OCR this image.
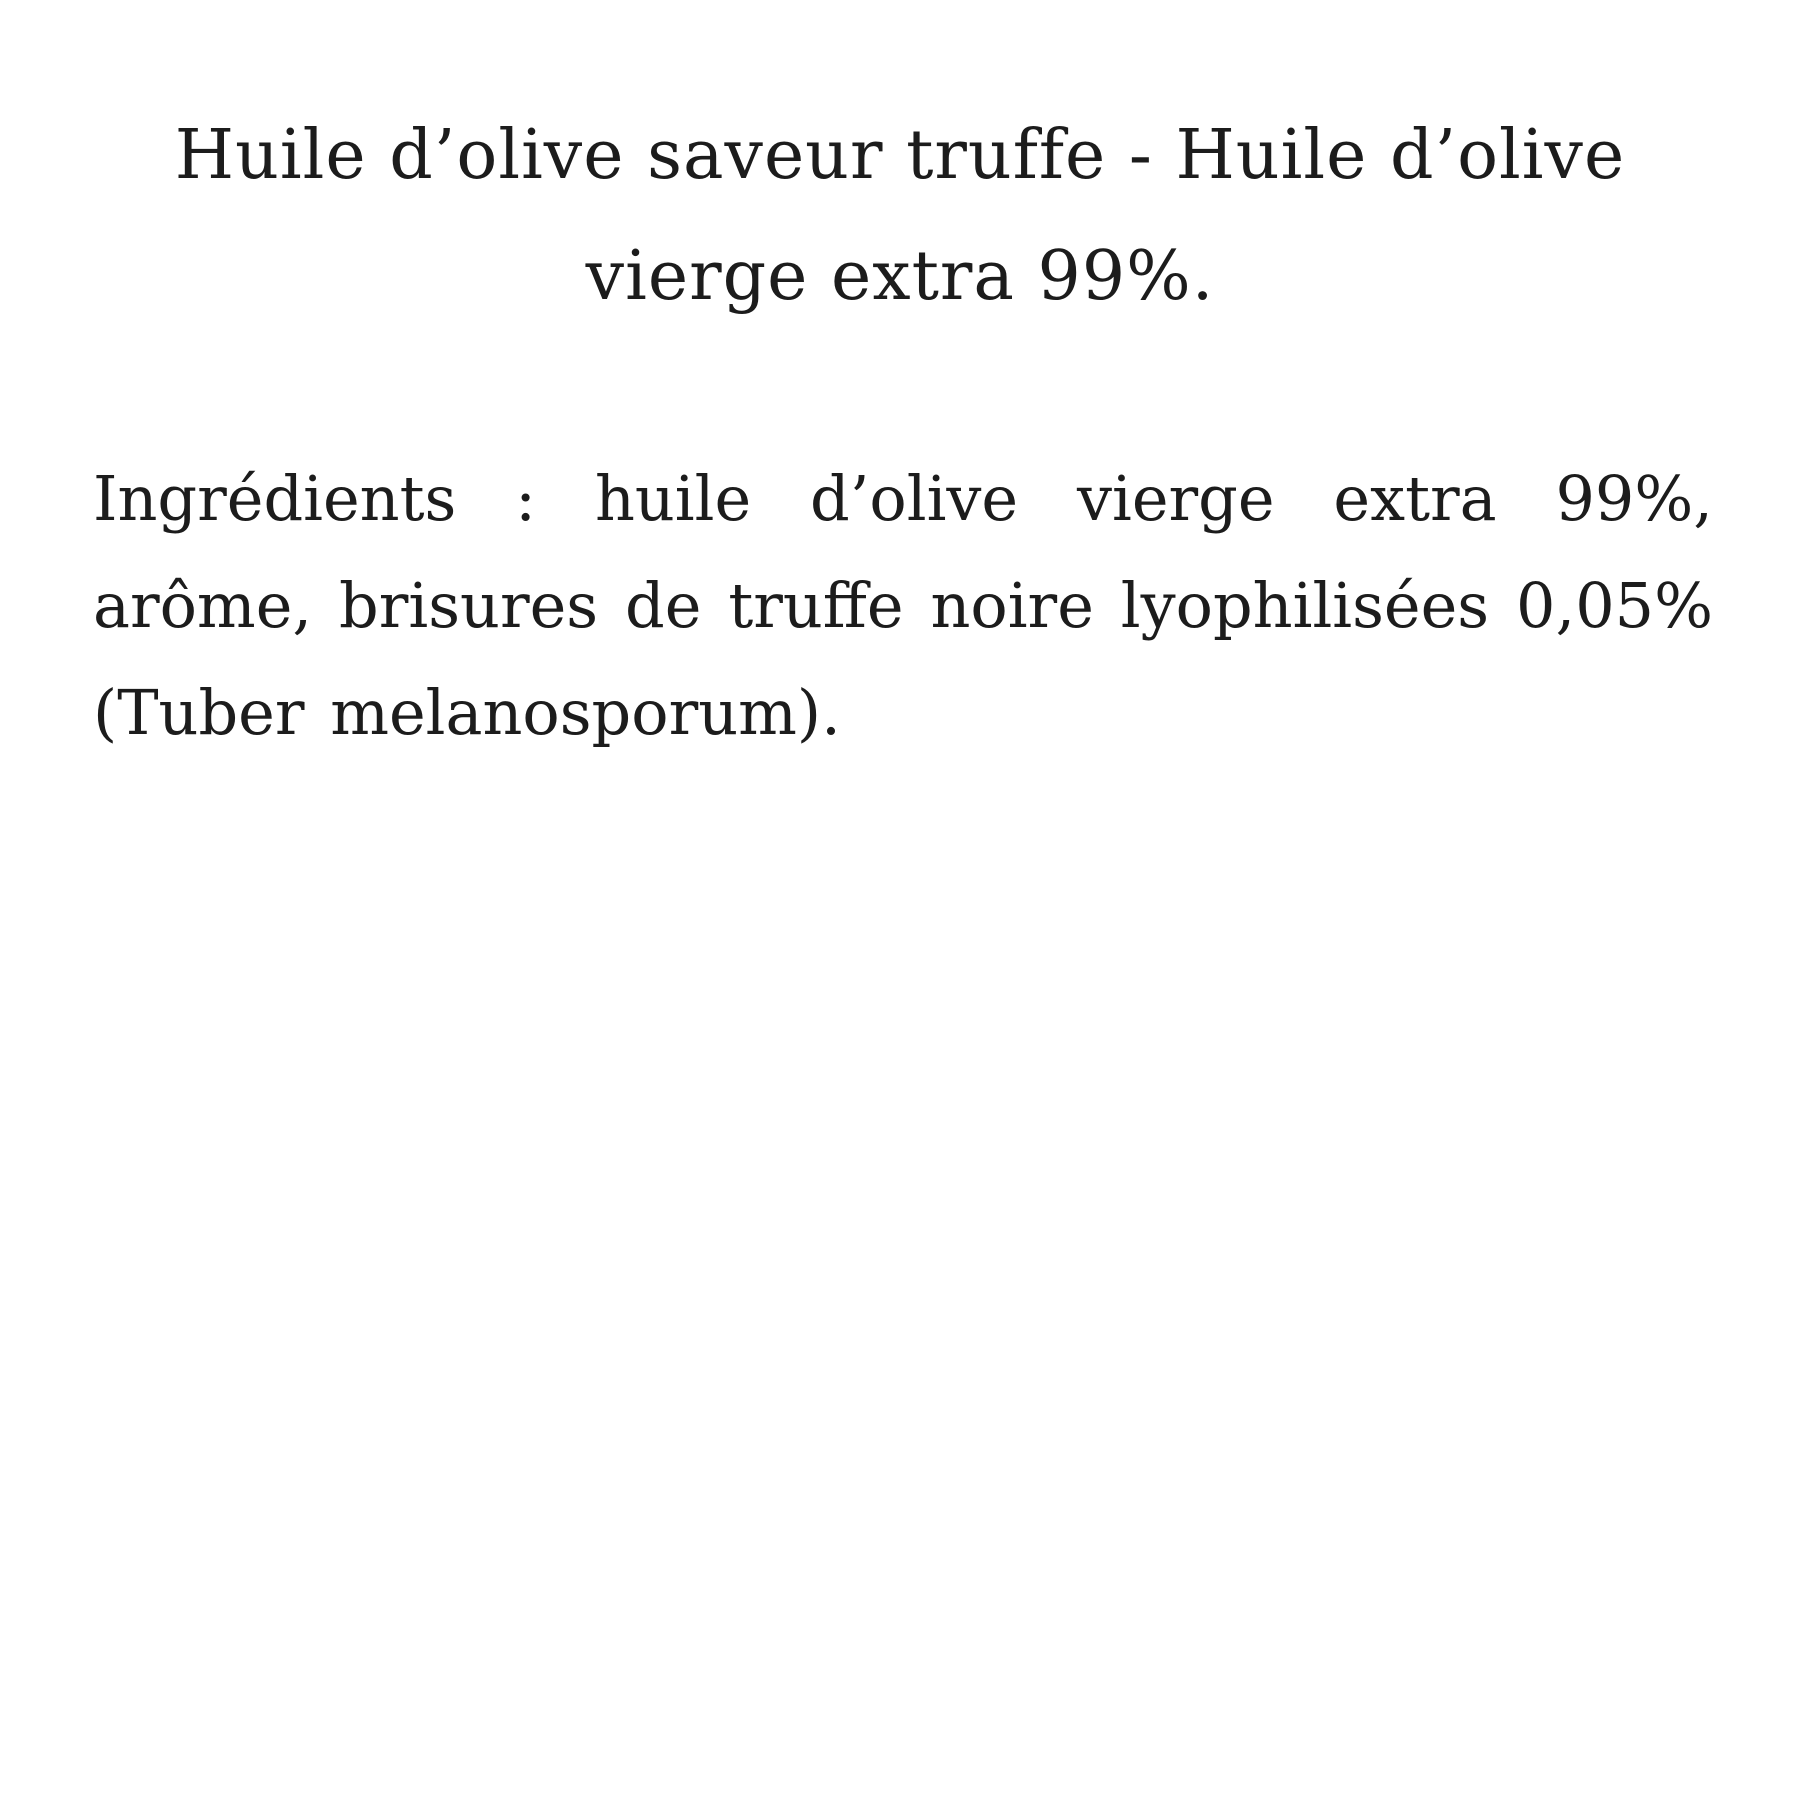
Huile d’olive saveur truffe - Huile d’olive vierge extra 99%.

Ingrédients : huile d’olive vierge extra 99%, arôme, brisures de truffe noire lyophilisées 0,05% (Tuber melanosporum).
